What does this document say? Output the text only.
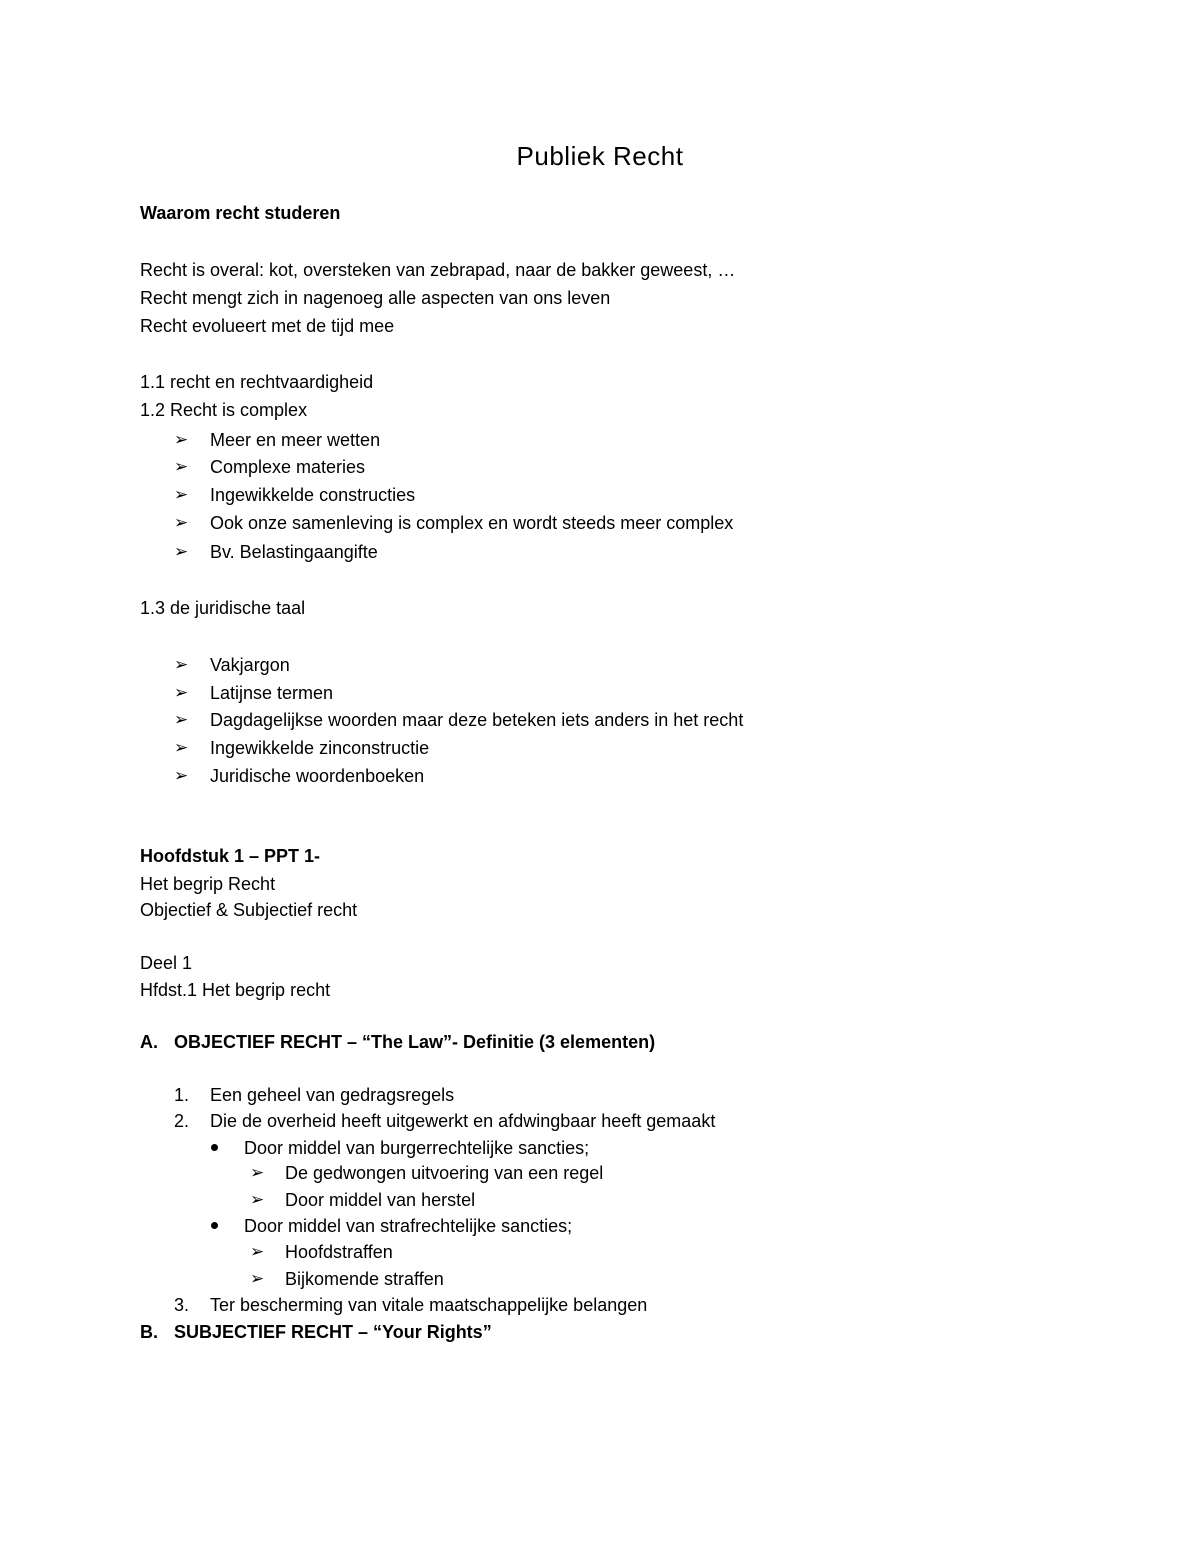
Publiek Recht
Waarom recht studeren
Recht is overal: kot, oversteken van zebrapad, naar de bakker geweest, …
Recht mengt zich in nagenoeg alle aspecten van ons leven
Recht evolueert met de tijd mee
1.1 recht en rechtvaardigheid
1.2 Recht is complex
➢ Meer en meer wetten
➢ Complexe materies
➢ Ingewikkelde constructies
➢ Ook onze samenleving is complex en wordt steeds meer complex
➢ Bv. Belastingaangifte
1.3 de juridische taal
➢ Vakjargon
➢ Latijnse termen
➢ Dagdagelijkse woorden maar deze beteken iets anders in het recht
➢ Ingewikkelde zinconstructie
➢ Juridische woordenboeken
Hoofdstuk 1 – PPT 1-
Het begrip Recht
Objectief & Subjectief recht
Deel 1
Hfdst.1 Het begrip recht
A. OBJECTIEF RECHT – “The Law”- Definitie (3 elementen)
1. Een geheel van gedragsregels
2. Die de overheid heeft uitgewerkt en afdwingbaar heeft gemaakt
Door middel van burgerrechtelijke sancties;
➢ De gedwongen uitvoering van een regel
➢ Door middel van herstel
Door middel van strafrechtelijke sancties;
➢ Hoofdstraffen
➢ Bijkomende straffen
3. Ter bescherming van vitale maatschappelijke belangen
B. SUBJECTIEF RECHT – “Your Rights”
